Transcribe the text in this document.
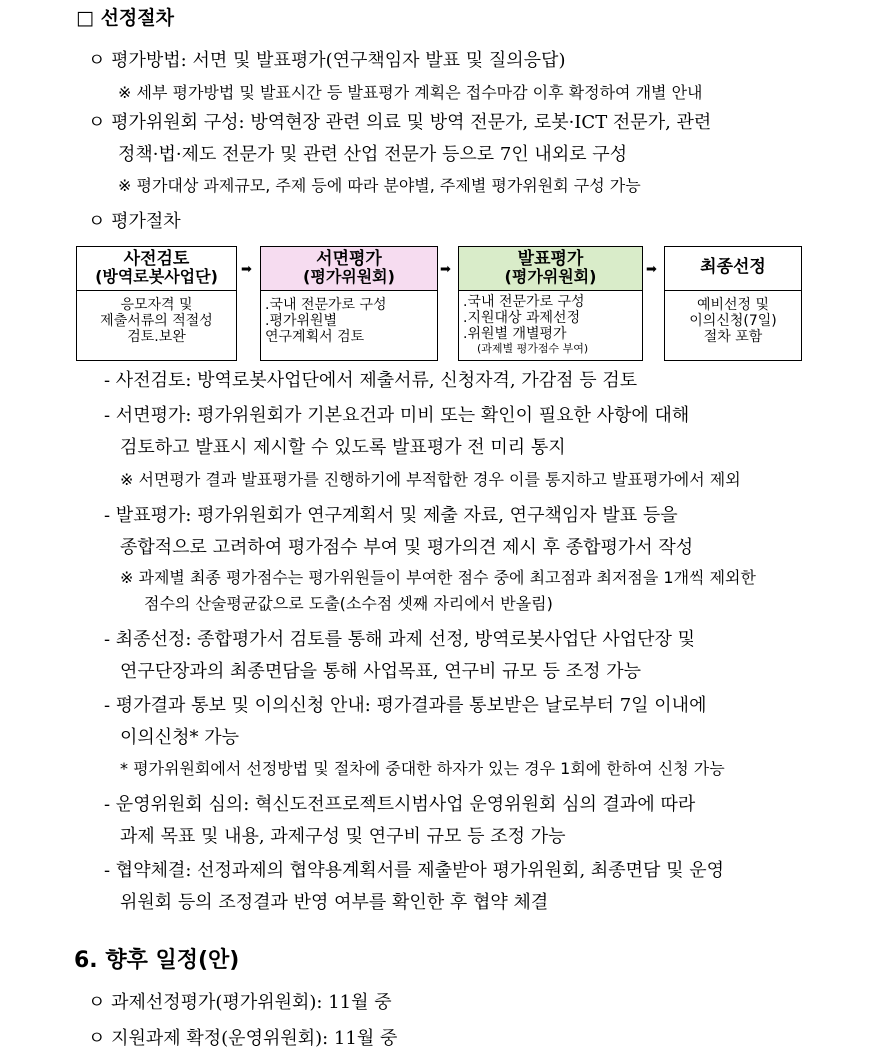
□ 선정절차
ㅇ 평가방법: 서면 및 발표평가(연구책임자 발표 및 질의응답)
※ 세부 평가방법 및 발표시간 등 발표평가 계획은 접수마감 이후 확정하여 개별 안내
ㅇ 평가위원회 구성: 방역현장 관련 의료 및 방역 전문가, 로봇·ICT 전문가, 관련
정책·법·제도 전문가 및 관련 산업 전문가 등으로 7인 내외로 구성
※ 평가대상 과제규모, 주제 등에 따라 분야별, 주제별 평가위원회 구성 가능
ㅇ 평가절차
사전검토
(방역로봇사업단)
응모자격 및
제출서류의 적절성
검토.보완
➡
서면평가
(평가위원회)
.국내 전문가로 구성
.평가위원별
연구계획서 검토
➡
발표평가
(평가위원회)
.국내 전문가로 구성
.지원대상 과제선정
.위원별 개별평가
(과제별 평가점수 부여)
➡	최종선정
예비선정 및
이의신청(7일)
절차 포함
- 사전검토: 방역로봇사업단에서 제출서류, 신청자격, 가감점 등 검토
- 서면평가: 평가위원회가 기본요건과 미비 또는 확인이 필요한 사항에 대해
검토하고 발표시 제시할 수 있도록 발표평가 전 미리 통지
※ 서면평가 결과 발표평가를 진행하기에 부적합한 경우 이를 통지하고 발표평가에서 제외
- 발표평가: 평가위원회가 연구계획서 및 제출 자료, 연구책임자 발표 등을
종합적으로 고려하여 평가점수 부여 및 평가의견 제시 후 종합평가서 작성
※ 과제별 최종 평가점수는 평가위원들이 부여한 점수 중에 최고점과 최저점을 1개씩 제외한
점수의 산술평균값으로 도출(소수점 셋째 자리에서 반올림)
- 최종선정: 종합평가서 검토를 통해 과제 선정, 방역로봇사업단 사업단장 및
연구단장과의 최종면담을 통해 사업목표, 연구비 규모 등 조정 가능
- 평가결과 통보 및 이의신청 안내: 평가결과를 통보받은 날로부터 7일 이내에
이의신청* 가능
* 평가위원회에서 선정방법 및 절차에 중대한 하자가 있는 경우 1회에 한하여 신청 가능
- 운영위원회 심의: 혁신도전프로젝트시범사업 운영위원회 심의 결과에 따라
과제 목표 및 내용, 과제구성 및 연구비 규모 등 조정 가능
- 협약체결: 선정과제의 협약용계획서를 제출받아 평가위원회, 최종면담 및 운영
위원회 등의 조정결과 반영 여부를 확인한 후 협약 체결
6. 향후 일정(안)
ㅇ 과제선정평가(평가위원회): 11월 중
ㅇ 지원과제 확정(운영위원회): 11월 중
